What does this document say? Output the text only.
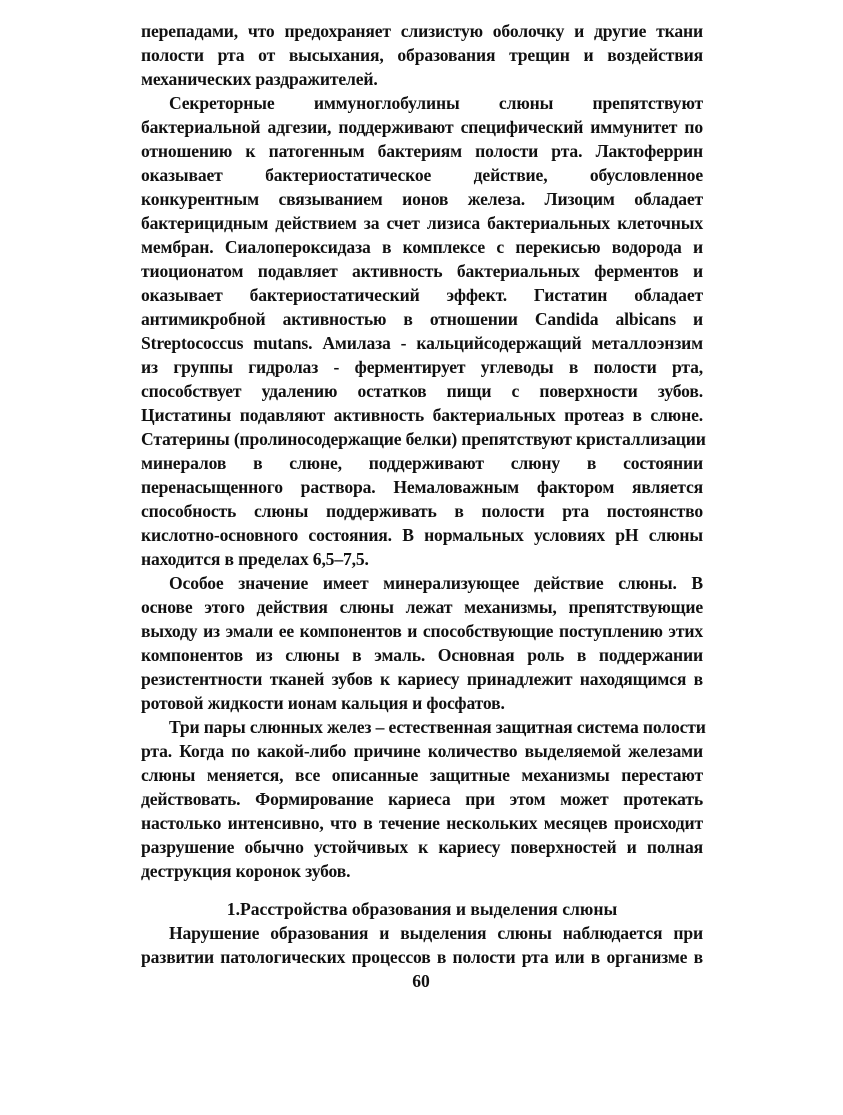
перепадами, что предохраняет слизистую оболочку и другие ткани
полости рта от высыхания, образования трещин и воздействия
механических раздражителей.
Секреторные иммуноглобулины слюны препятствуют
бактериальной адгезии, поддерживают специфический иммунитет по
отношению к патогенным бактериям полости рта. Лактоферрин
оказывает бактериостатическое действие, обусловленное
конкурентным связыванием ионов железа. Лизоцим обладает
бактерицидным действием за счет лизиса бактериальных клеточных
мембран. Сиалопероксидаза в комплексе с перекисью водорода и
тиоционатом подавляет активность бактериальных ферментов и
оказывает бактериостатический эффект. Гистатин обладает
антимикробной активностью в отношении Candida albicans и
Streptococcus mutans. Амилаза - кальцийсодержащий металлоэнзим
из группы гидролаз - ферментирует углеводы в полости рта,
способствует удалению остатков пищи с поверхности зубов.
Цистатины подавляют активность бактериальных протеаз в слюне.
Статерины (пролиносодержащие белки) препятствуют кристаллизации
минералов в слюне, поддерживают слюну в состоянии
перенасыщенного раствора. Немаловажным фактором является
способность слюны поддерживать в полости рта постоянство
кислотно-основного состояния. В нормальных условиях pH слюны
находится в пределах 6,5–7,5.
Особое значение имеет минерализующее действие слюны. В
основе этого действия слюны лежат механизмы, препятствующие
выходу из эмали ее компонентов и способствующие поступлению этих
компонентов из слюны в эмаль. Основная роль в поддержании
резистентности тканей зубов к кариесу принадлежит находящимся в
ротовой жидкости ионам кальция и фосфатов.
Три пары слюнных желез – естественная защитная система полости
рта. Когда по какой-либо причине количество выделяемой железами
слюны меняется, все описанные защитные механизмы перестают
действовать. Формирование кариеса при этом может протекать
настолько интенсивно, что в течение нескольких месяцев происходит
разрушение обычно устойчивых к кариесу поверхностей и полная
деструкция коронок зубов.
1.Расстройства образования и выделения слюны
Нарушение образования и выделения слюны наблюдается при
развитии патологических процессов в полости рта или в организме в
60
